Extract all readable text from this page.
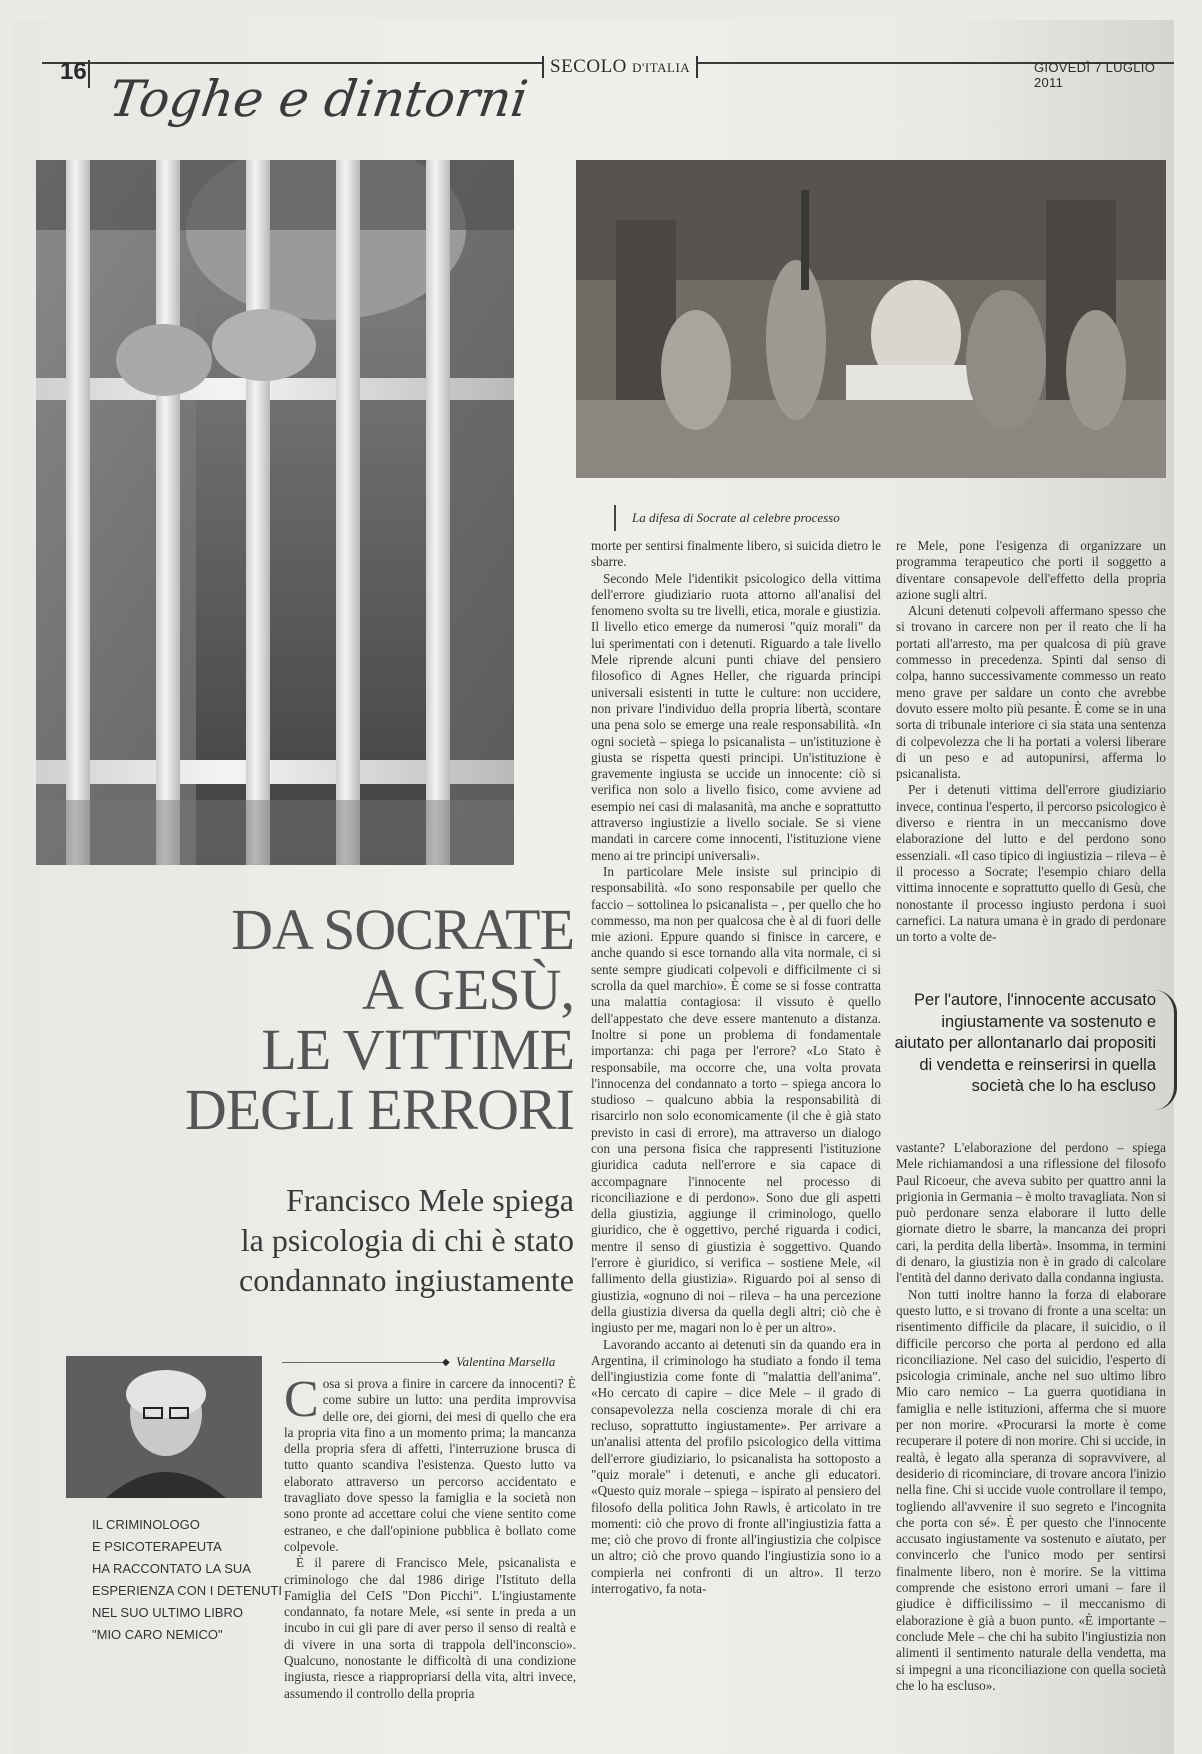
16	SECOLO D'ITALIA	GIOVEDÌ 7 LUGLIO 2011
Toghe e dintorni
La difesa di Socrate al celebre processo
DA SOCRATE
A GESÙ,
LE VITTIME
DEGLI ERRORI
Francisco Mele spiega
la psicologia di chi è stato
condannato ingiustamente
IL CRIMINOLOGO
E PSICOTERAPEUTA
HA RACCONTATO LA SUA
ESPERIENZA CON I DETENUTI
NEL SUO ULTIMO LIBRO
"MIO CARO NEMICO"
◆ Valentina Marsella
C osa si prova a finire in carcere da innocenti? È come subire un lutto: una perdita improvvisa delle ore, dei giorni, dei mesi di quello che era la propria vita fino a un momento prima; la mancanza della propria sfera di affetti, l'interruzione brusca di tutto quanto scandiva l'esistenza. Questo lutto va elaborato attraverso un percorso accidentato e travagliato dove spesso la famiglia e la società non sono pronte ad accettare colui che viene sentito come estraneo, e che dall'opinione pubblica è bollato come colpevole.

È il parere di Francisco Mele, psicanalista e criminologo che dal 1986 dirige l'Istituto della Famiglia del CeIS "Don Picchi". L'ingiustamente condannato, fa notare Mele, «si sente in preda a un incubo in cui gli pare di aver perso il senso di realtà e di vivere in una sorta di trappola dell'inconscio». Qualcuno, nonostante le difficoltà di una condizione ingiusta, riesce a riappropriarsi della vita, altri invece, assumendo il controllo della propria

morte per sentirsi finalmente libero, si suicida dietro le sbarre.

Secondo Mele l'identikit psicologico della vittima dell'errore giudiziario ruota attorno all'analisi del fenomeno svolta su tre livelli, etica, morale e giustizia. Il livello etico emerge da numerosi "quiz morali" da lui sperimentati con i detenuti. Riguardo a tale livello Mele riprende alcuni punti chiave del pensiero filosofico di Agnes Heller, che riguarda principi universali esistenti in tutte le culture: non uccidere, non privare l'individuo della propria libertà, scontare una pena solo se emerge una reale responsabilità. «In ogni società – spiega lo psicanalista – un'istituzione è giusta se rispetta questi principi. Un'istituzione è gravemente ingiusta se uccide un innocente: ciò si verifica non solo a livello fisico, come avviene ad esempio nei casi di malasanità, ma anche e soprattutto attraverso ingiustizie a livello sociale. Se si viene mandati in carcere come innocenti, l'istituzione viene meno ai tre principi universali».

In particolare Mele insiste sul principio di responsabilità. «Io sono responsabile per quello che faccio – sottolinea lo psicanalista – , per quello che ho commesso, ma non per qualcosa che è al di fuori delle mie azioni. Eppure quando si finisce in carcere, e anche quando si esce tornando alla vita normale, ci si sente sempre giudicati colpevoli e difficilmente ci si scrolla da quel marchio». È come se si fosse contratta una malattia contagiosa: il vissuto è quello dell'appestato che deve essere mantenuto a distanza. Inoltre si pone un problema di fondamentale importanza: chi paga per l'errore? «Lo Stato è responsabile, ma occorre che, una volta provata l'innocenza del condannato a torto – spiega ancora lo studioso – qualcuno abbia la responsabilità di risarcirlo non solo economicamente (il che è già stato previsto in casi di errore), ma attraverso un dialogo con una persona fisica che rappresenti l'istituzione giuridica caduta nell'errore e sia capace di accompagnare l'innocente nel processo di riconciliazione e di perdono». Sono due gli aspetti della giustizia, aggiunge il criminologo, quello giuridico, che è oggettivo, perché riguarda i codici, mentre il senso di giustizia è soggettivo. Quando l'errore è giuridico, si verifica – sostiene Mele, «il fallimento della giustizia». Riguardo poi al senso di giustizia, «ognuno di noi – rileva – ha una percezione della giustizia diversa da quella degli altri; ciò che è ingiusto per me, magari non lo è per un altro».

Lavorando accanto ai detenuti sin da quando era in Argentina, il criminologo ha studiato a fondo il tema dell'ingiustizia come fonte di "malattia dell'anima". «Ho cercato di capire – dice Mele – il grado di consapevolezza nella coscienza morale di chi era recluso, soprattutto ingiustamente». Per arrivare a un'analisi attenta del profilo psicologico della vittima dell'errore giudiziario, lo psicanalista ha sottoposto a "quiz morale" i detenuti, e anche gli educatori. «Questo quiz morale – spiega – ispirato al pensiero del filosofo della politica John Rawls, è articolato in tre momenti: ciò che provo di fronte all'ingiustizia fatta a me; ciò che provo di fronte all'ingiustizia che colpisce un altro; ciò che provo quando l'ingiustizia sono io a compierla nei confronti di un altro». Il terzo interrogativo, fa nota-

re Mele, pone l'esigenza di organizzare un programma terapeutico che porti il soggetto a diventare consapevole dell'effetto della propria azione sugli altri.

Alcuni detenuti colpevoli affermano spesso che si trovano in carcere non per il reato che li ha portati all'arresto, ma per qualcosa di più grave commesso in precedenza. Spinti dal senso di colpa, hanno successivamente commesso un reato meno grave per saldare un conto che avrebbe dovuto essere molto più pesante. È come se in una sorta di tribunale interiore ci sia stata una sentenza di colpevolezza che li ha portati a volersi liberare di un peso e ad autopunirsi, afferma lo psicanalista.

Per i detenuti vittima dell'errore giudiziario invece, continua l'esperto, il percorso psicologico è diverso e rientra in un meccanismo dove elaborazione del lutto e del perdono sono essenziali. «Il caso tipico di ingiustizia – rileva – è il processo a Socrate; l'esempio chiaro della vittima innocente e soprattutto quello di Gesù, che nonostante il processo ingiusto perdona i suoi carnefici. La natura umana è in grado di perdonare un torto a volte de-

Per l'autore, l'innocente accusato ingiustamente va sostenuto e aiutato per allontanarlo dai propositi di vendetta e reinserirsi in quella società che lo ha escluso

vastante? L'elaborazione del perdono – spiega Mele richiamandosi a una riflessione del filosofo Paul Ricoeur, che aveva subito per quattro anni la prigionia in Germania – è molto travagliata. Non si può perdonare senza elaborare il lutto delle giornate dietro le sbarre, la mancanza dei propri cari, la perdita della libertà». Insomma, in termini di denaro, la giustizia non è in grado di calcolare l'entità del danno derivato dalla condanna ingiusta.

Non tutti inoltre hanno la forza di elaborare questo lutto, e si trovano di fronte a una scelta: un risentimento difficile da placare, il suicidio, o il difficile percorso che porta al perdono ed alla riconciliazione. Nel caso del suicidio, l'esperto di psicologia criminale, anche nel suo ultimo libro Mio caro nemico – La guerra quotidiana in famiglia e nelle istituzioni, afferma che si muore per non morire. «Procurarsi la morte è come recuperare il potere di non morire. Chi si uccide, in realtà, è legato alla speranza di sopravvivere, al desiderio di ricominciare, di trovare ancora l'inizio nella fine. Chi si uccide vuole controllare il tempo, togliendo all'avvenire il suo segreto e l'incognita che porta con sé». È per questo che l'innocente accusato ingiustamente va sostenuto e aiutato, per convincerlo che l'unico modo per sentirsi finalmente libero, non è morire. Se la vittima comprende che esistono errori umani – fare il giudice è difficilissimo – il meccanismo di elaborazione è già a buon punto. «È importante – conclude Mele – che chi ha subito l'ingiustizia non alimenti il sentimento naturale della vendetta, ma si impegni a una riconciliazione con quella società che lo ha escluso».
